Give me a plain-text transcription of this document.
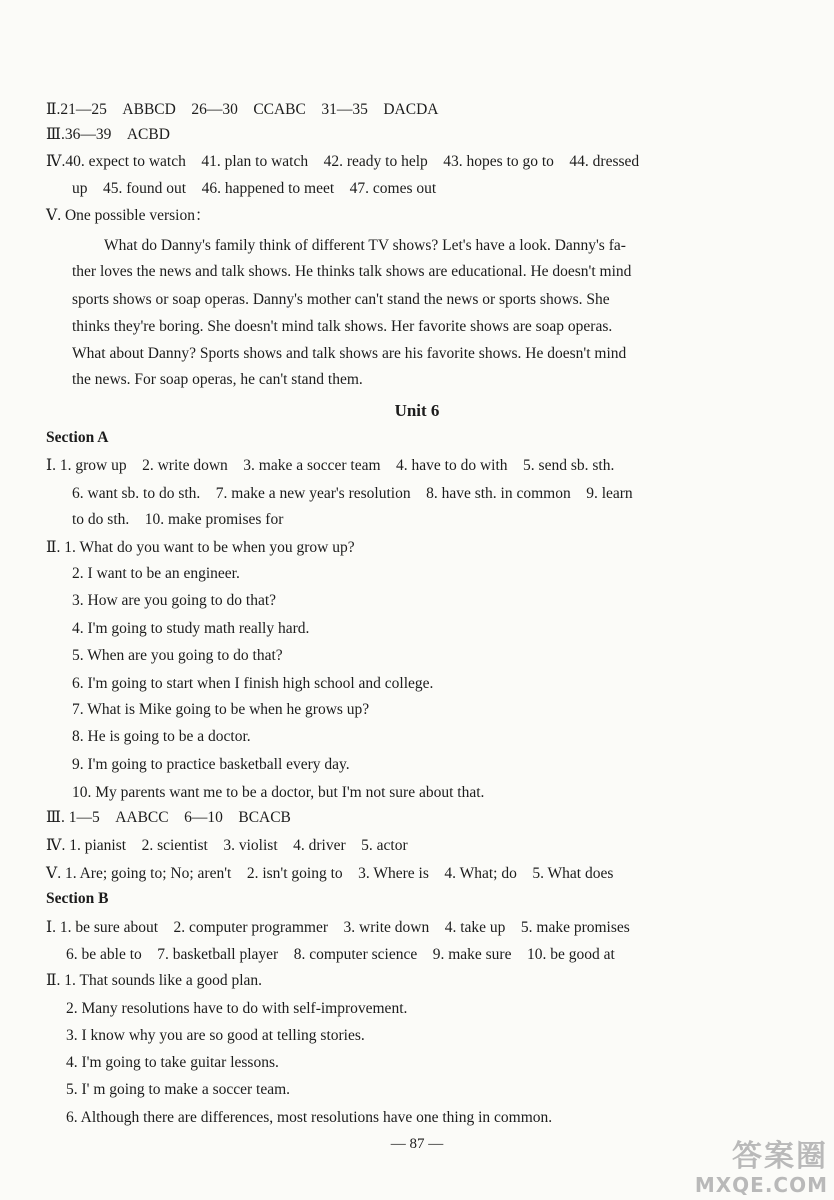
Ⅱ.21—25　ABBCD　26—30　CCABC　31—35　DACDA
Ⅲ.36—39　ACBD
Ⅳ.40. expect to watch　41. plan to watch　42. ready to help　43. hopes to go to　44. dressed
up　45. found out　46. happened to meet　47. comes out
Ⅴ. One possible version：
What do Danny's family think of different TV shows? Let's have a look. Danny's fa-
ther loves the news and talk shows. He thinks talk shows are educational. He doesn't mind
sports shows or soap operas. Danny's mother can't stand the news or sports shows. She
thinks they're boring. She doesn't mind talk shows. Her favorite shows are soap operas.
What about Danny? Sports shows and talk shows are his favorite shows. He doesn't mind
the news. For soap operas, he can't stand them.
Unit 6
Section A
Ⅰ. 1. grow up　2. write down　3. make a soccer team　4. have to do with　5. send sb. sth.
6. want sb. to do sth.　7. make a new year's resolution　8. have sth. in common　9. learn
to do sth.　10. make promises for
Ⅱ. 1. What do you want to be when you grow up?
2. I want to be an engineer.
3. How are you going to do that?
4. I'm going to study math really hard.
5. When are you going to do that?
6. I'm going to start when I finish high school and college.
7. What is Mike going to be when he grows up?
8. He is going to be a doctor.
9. I'm going to practice basketball every day.
10. My parents want me to be a doctor, but I'm not sure about that.
Ⅲ. 1—5　AABCC　6—10　BCACB
Ⅳ. 1. pianist　2. scientist　3. violist　4. driver　5. actor
Ⅴ. 1. Are; going to; No; aren't　2. isn't going to　3. Where is　4. What; do　5. What does
Section B
Ⅰ. 1. be sure about　2. computer programmer　3. write down　4. take up　5. make promises
6. be able to　7. basketball player　8. computer science　9. make sure　10. be good at
Ⅱ. 1. That sounds like a good plan.
2. Many resolutions have to do with self-improvement.
3. I know why you are so good at telling stories.
4. I'm going to take guitar lessons.
5. I' m going to make a soccer team.
6. Although there are differences, most resolutions have one thing in common.
— 87 —	答案圈
MXQE.COM
